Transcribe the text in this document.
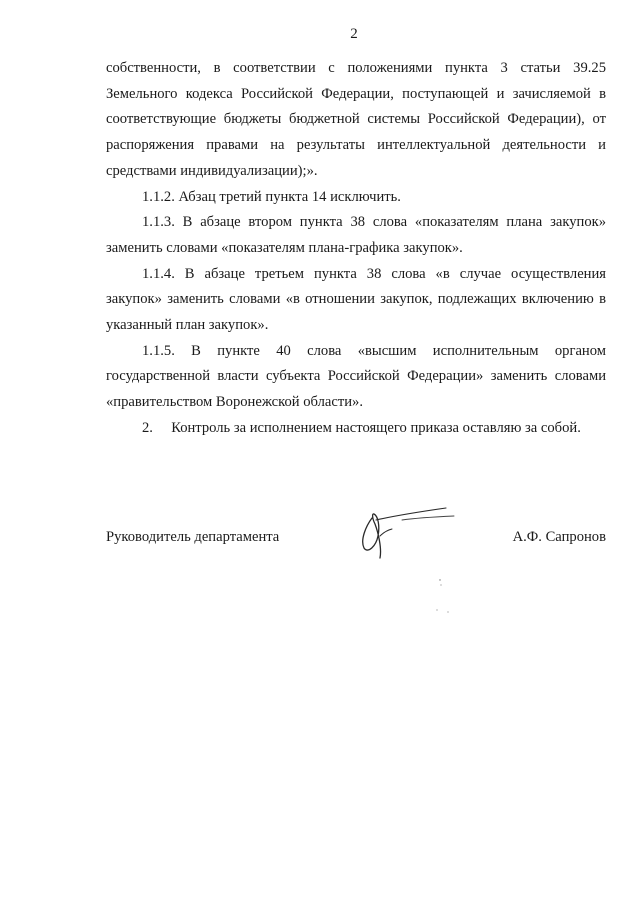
2

собственности, в соответствии с положениями пункта 3 статьи 39.25 Земельного кодекса Российской Федерации, поступающей и зачисляемой в соответствующие бюджеты бюджетной системы Российской Федерации), от распоряжения правами на результаты интеллектуальной деятельности и средствами индивидуализации);».

1.1.2. Абзац третий пункта 14 исключить.

1.1.3. В абзаце втором пункта 38 слова «показателям плана закупок» заменить словами «показателям плана-графика закупок».

1.1.4. В абзаце третьем пункта 38 слова «в случае осуществления закупок» заменить словами «в отношении закупок, подлежащих включению в указанный план закупок».

1.1.5. В пункте 40 слова «высшим исполнительным органом государственной власти субъекта Российской Федерации» заменить словами «правительством Воронежской области».

2.     Контроль за исполнением настоящего приказа оставляю за собой.

Руководитель департамента	А.Ф. Сапронов
